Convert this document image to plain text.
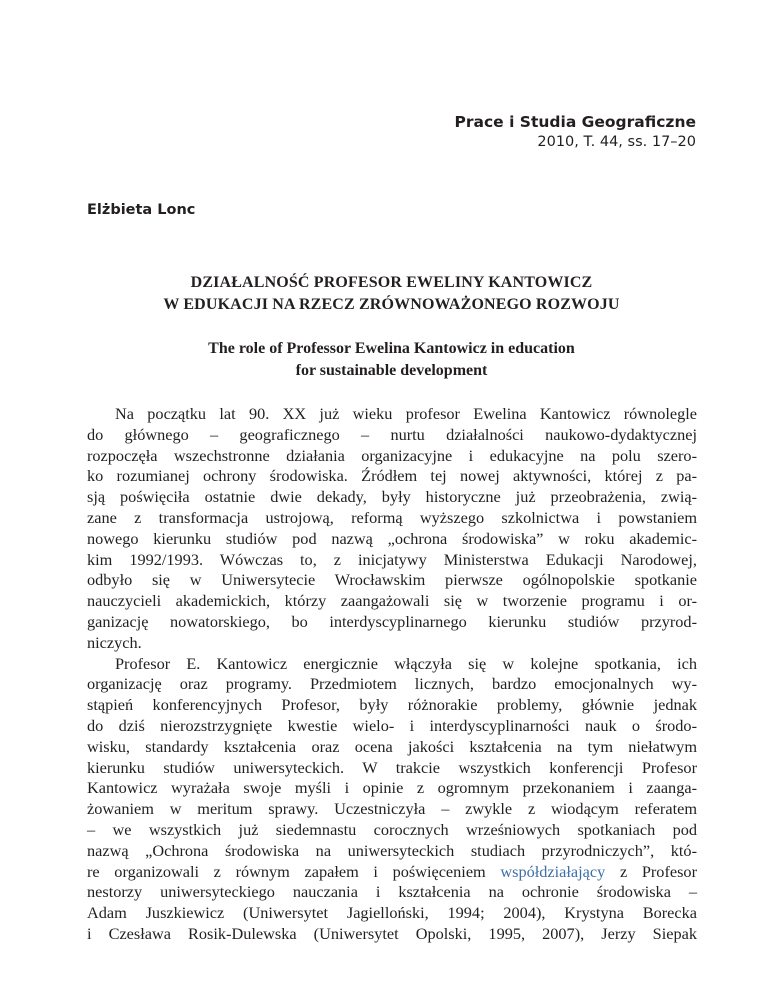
Prace i Studia Geograficzne
2010, T. 44, ss. 17–20
Elżbieta Lonc
DZIAŁALNOŚĆ PROFESOR EWELINY KANTOWICZ
W EDUKACJI NA RZECZ ZRÓWNOWAŻONEGO ROZWOJU
The role of Professor Ewelina Kantowicz in education
for sustainable development
Na początku lat 90. XX już wieku profesor Ewelina Kantowicz równolegle
do głównego – geograficznego – nurtu działalności naukowo-dydaktycznej
rozpoczęła wszechstronne działania organizacyjne i edukacyjne na polu szero-
ko rozumianej ochrony środowiska. Źródłem tej nowej aktywności, której z pa-
sją poświęciła ostatnie dwie dekady, były historyczne już przeobrażenia, zwią-
zane z transformacja ustrojową, reformą wyższego szkolnictwa i powstaniem
nowego kierunku studiów pod nazwą „ochrona środowiska” w roku akademic-
kim 1992/1993. Wówczas to, z inicjatywy Ministerstwa Edukacji Narodowej,
odbyło się w Uniwersytecie Wrocławskim pierwsze ogólnopolskie spotkanie
nauczycieli akademickich, którzy zaangażowali się w tworzenie programu i or-
ganizację nowatorskiego, bo interdyscyplinarnego kierunku studiów przyrod-
niczych.
Profesor E. Kantowicz energicznie włączyła się w kolejne spotkania, ich
organizację oraz programy. Przedmiotem licznych, bardzo emocjonalnych wy-
stąpień konferencyjnych Profesor, były różnorakie problemy, głównie jednak
do dziś nierozstrzygnięte kwestie wielo- i interdyscyplinarności nauk o środo-
wisku, standardy kształcenia oraz ocena jakości kształcenia na tym niełatwym
kierunku studiów uniwersyteckich. W trakcie wszystkich konferencji Profesor
Kantowicz wyrażała swoje myśli i opinie z ogromnym przekonaniem i zaanga-
żowaniem w meritum sprawy. Uczestniczyła – zwykle z wiodącym referatem
– we wszystkich już siedemnastu corocznych wrześniowych spotkaniach pod
nazwą „Ochrona środowiska na uniwersyteckich studiach przyrodniczych”, któ-
re organizowali z równym zapałem i poświęceniem współdziałający z Profesor
nestorzy uniwersyteckiego nauczania i kształcenia na ochronie środowiska –
Adam Juszkiewicz (Uniwersytet Jagielloński, 1994; 2004), Krystyna Borecka
i Czesława Rosik-Dulewska (Uniwersytet Opolski, 1995, 2007), Jerzy Siepak
